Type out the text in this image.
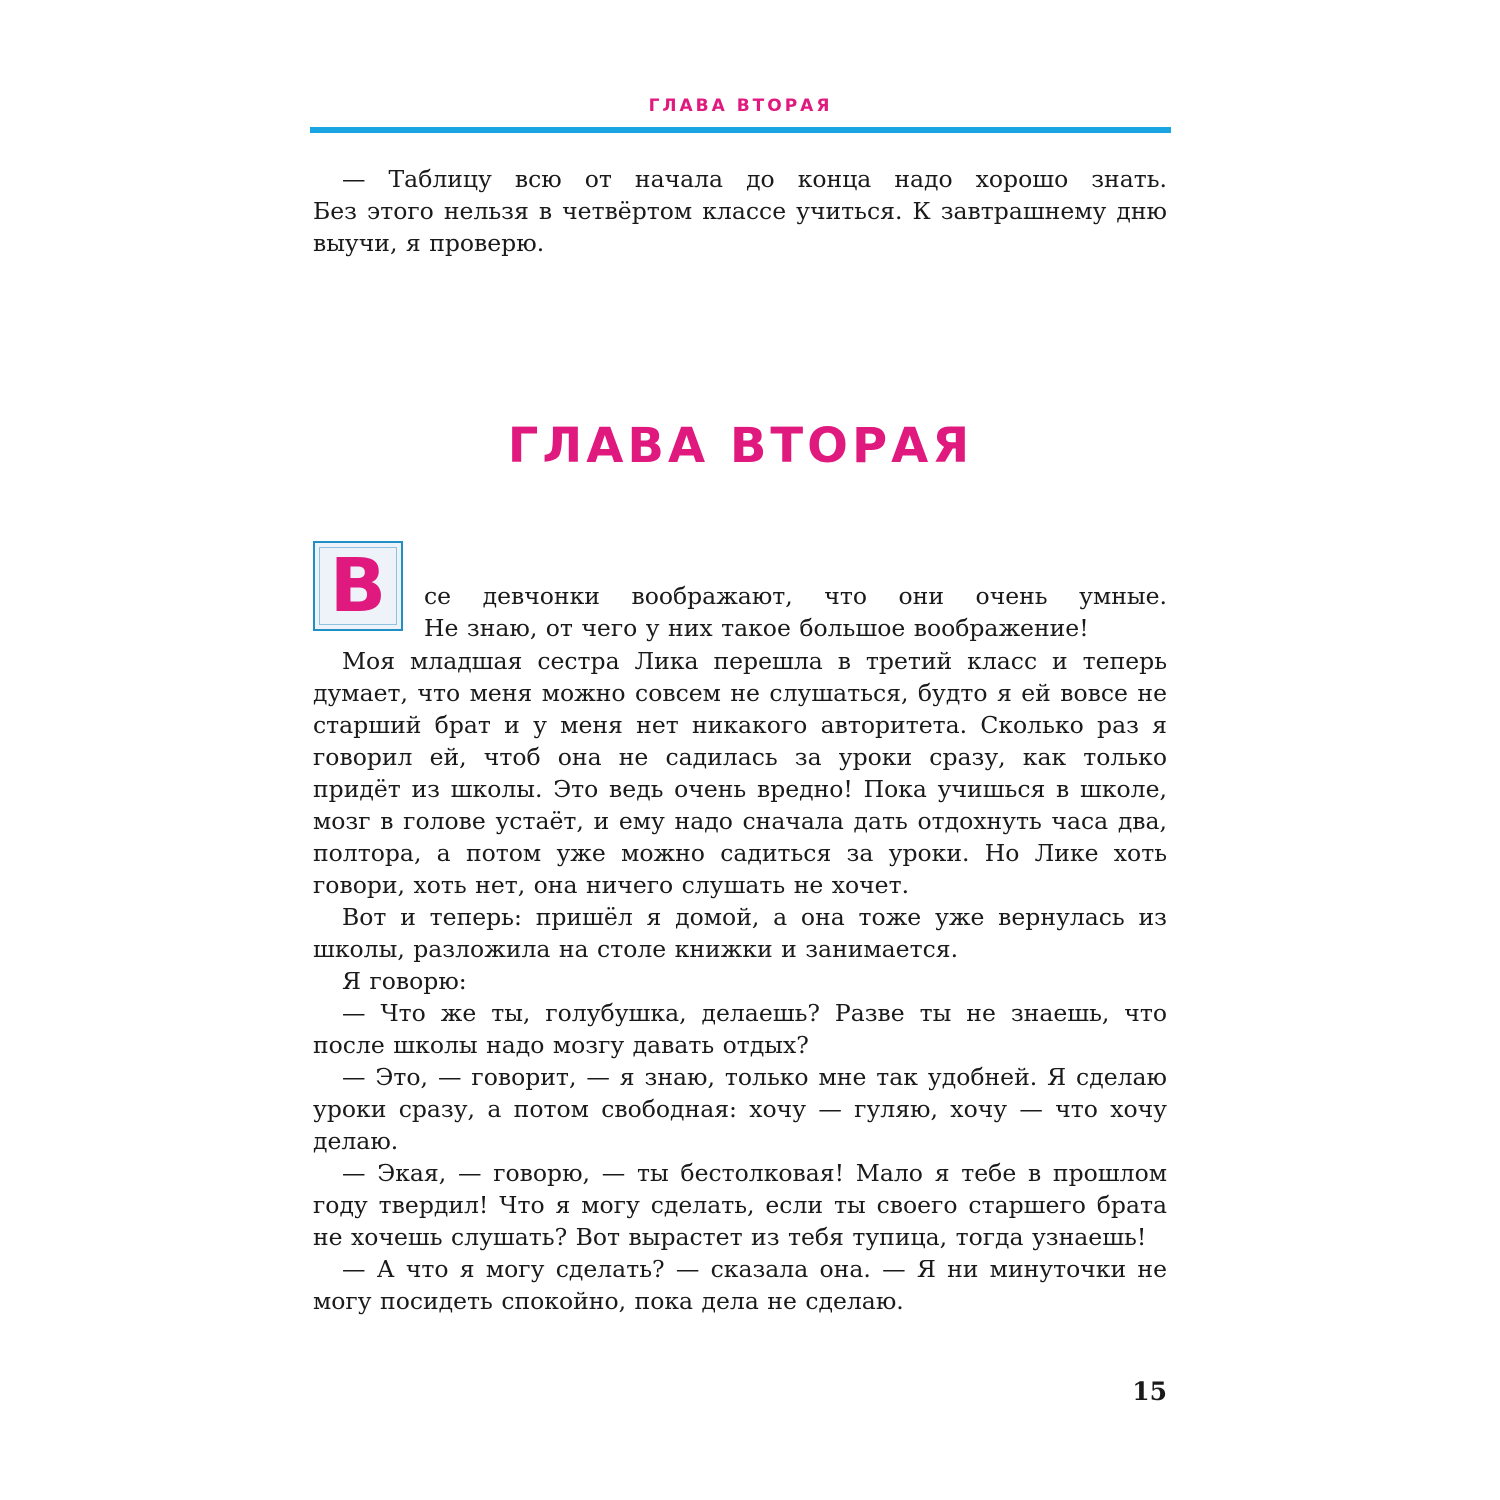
ГЛАВА ВТОРАЯ

— Таблицу всю от начала до конца надо хорошо знать.

Без этого нельзя в четвёртом классе учиться. К завтрашнему дню выучи, я проверю.

ГЛАВА ВТОРАЯ
В се девчонки воображают, что они очень умные.

Не знаю, от чего у них такое большое воображение!

Моя младшая сестра Лика перешла в третий класс и теперь думает, что меня можно совсем не слушаться, будто я ей вовсе не старший брат и у меня нет никакого авторитета. Сколько раз я говорил ей, чтоб она не садилась за уроки сразу, как только придёт из школы. Это ведь очень вредно! Пока учишься в школе, мозг в голове устаёт, и ему надо сначала дать отдохнуть часа два, полтора, а потом уже можно садиться за уроки. Но Лике хоть говори, хоть нет, она ничего слушать не хочет.

Вот и теперь: пришёл я домой, а она тоже уже вернулась из школы, разложила на столе книжки и занимается.

Я говорю:

— Что же ты, голубушка, делаешь? Разве ты не знаешь, что после школы надо мозгу давать отдых?

— Это, — говорит, — я знаю, только мне так удобней. Я сделаю уроки сразу, а потом свободная: хочу — гуляю, хочу — что хочу делаю.

— Экая, — говорю, — ты бестолковая! Мало я тебе в прошлом году твердил! Что я могу сделать, если ты своего старшего брата не хочешь слушать? Вот вырастет из тебя тупица, тогда узнаешь!

— А что я могу сделать? — сказала она. — Я ни минуточки не могу посидеть спокойно, пока дела не сделаю.

15
